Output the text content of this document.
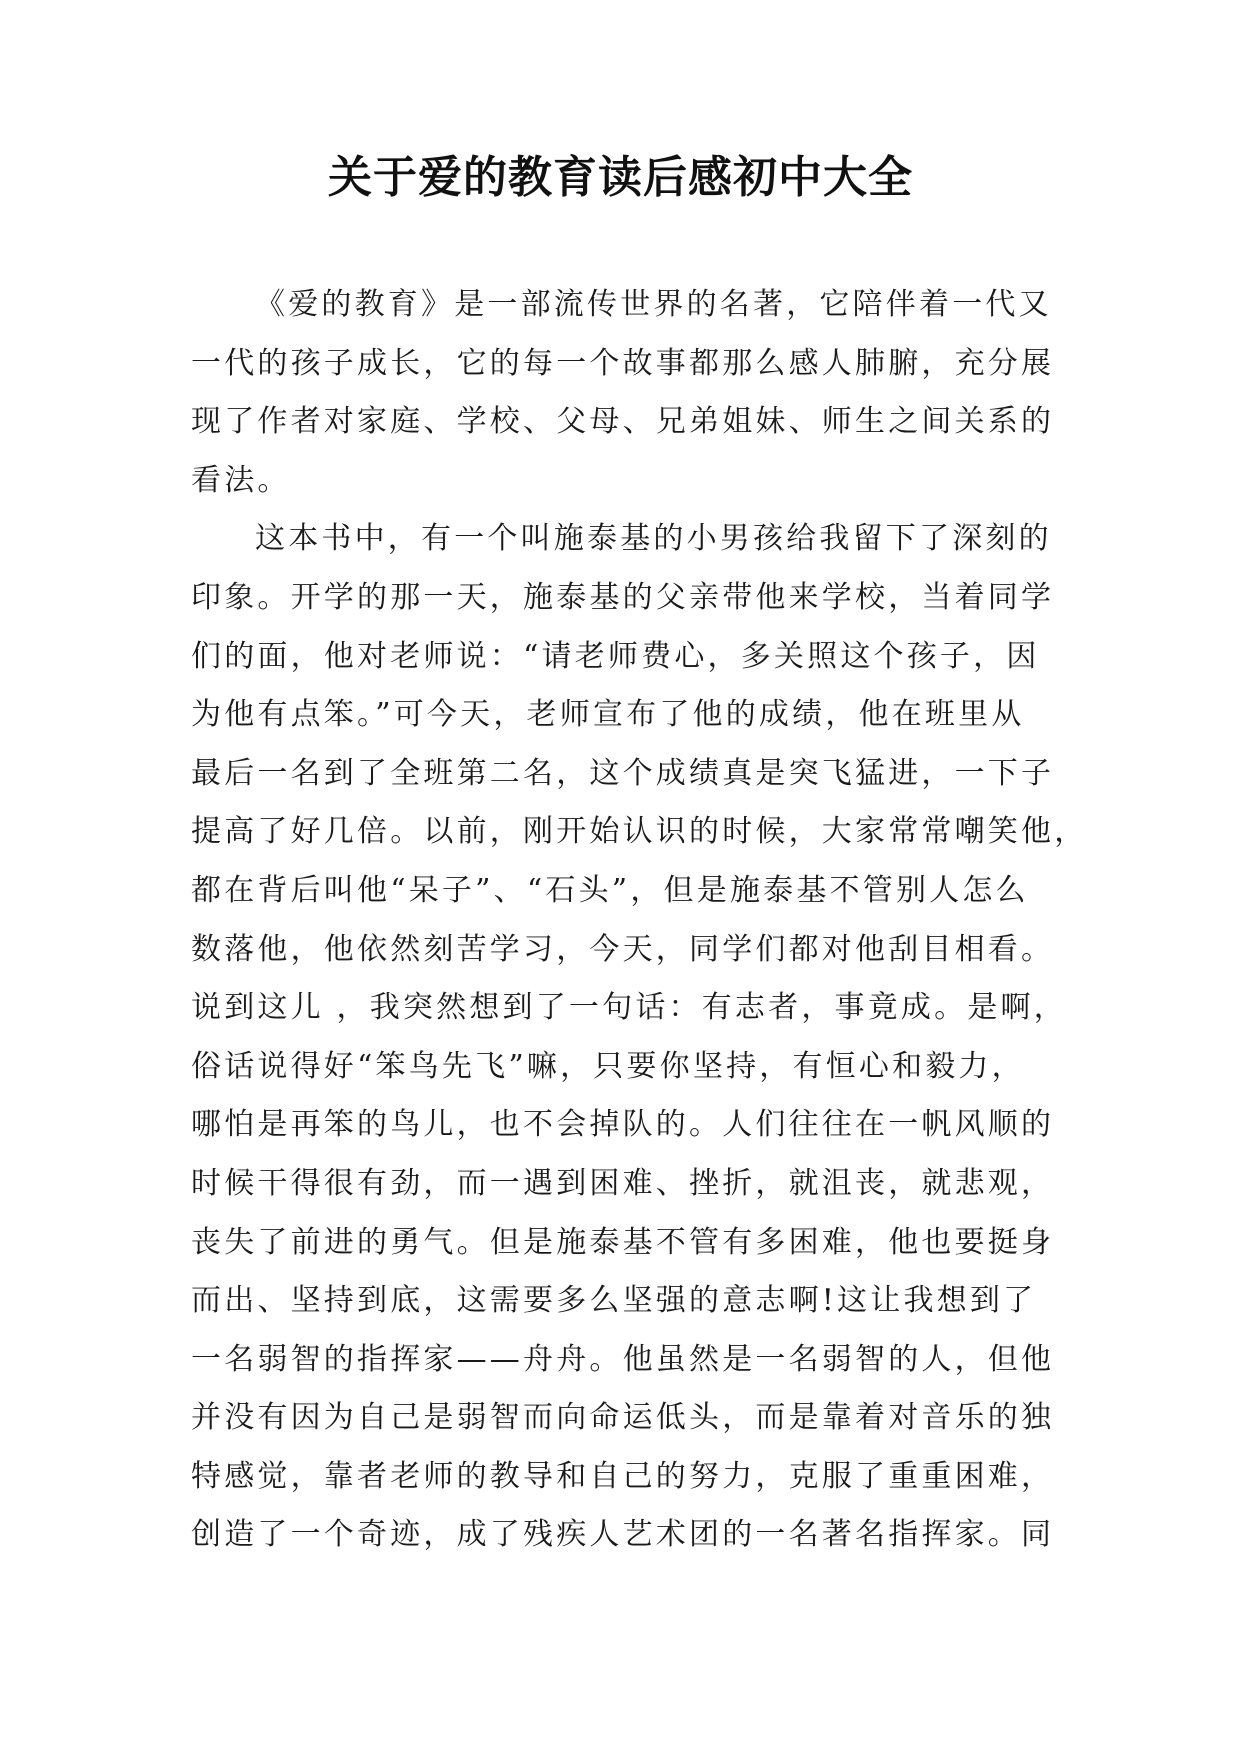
关于爱的教育读后感初中大全

《爱的教育》是一部流传世界的名著，它陪伴着一代又
一代的孩子成长，它的每一个故事都那么感人肺腑，充分展
现了作者对家庭、学校、父母、兄弟姐妹、师生之间关系的
看法。

这本书中，有一个叫施泰基的小男孩给我留下了深刻的
印象。开学的那一天，施泰基的父亲带他来学校，当着同学
们的面，他对老师说：“请老师费心，多关照这个孩子，因
为他有点笨。”可今天，老师宣布了他的成绩，他在班里从
最后一名到了全班第二名，这个成绩真是突飞猛进，一下子
提高了好几倍。以前，刚开始认识的时候，大家常常嘲笑他，
都在背后叫他“呆子”、“石头”，但是施泰基不管别人怎么
数落他，他依然刻苦学习，今天，同学们都对他刮目相看。
说到这儿 ，我突然想到了一句话：有志者，事竟成。是啊，
俗话说得好“笨鸟先飞”嘛，只要你坚持，有恒心和毅力，
哪怕是再笨的鸟儿，也不会掉队的。人们往往在一帆风顺的
时候干得很有劲，而一遇到困难、挫折，就沮丧，就悲观，
丧失了前进的勇气。但是施泰基不管有多困难，他也要挺身
而出、坚持到底，这需要多么坚强的意志啊!这让我想到了
一名弱智的指挥家——舟舟。他虽然是一名弱智的人，但他
并没有因为自己是弱智而向命运低头，而是靠着对音乐的独
特感觉，靠者老师的教导和自己的努力，克服了重重困难，
创造了一个奇迹，成了残疾人艺术团的一名著名指挥家。同
